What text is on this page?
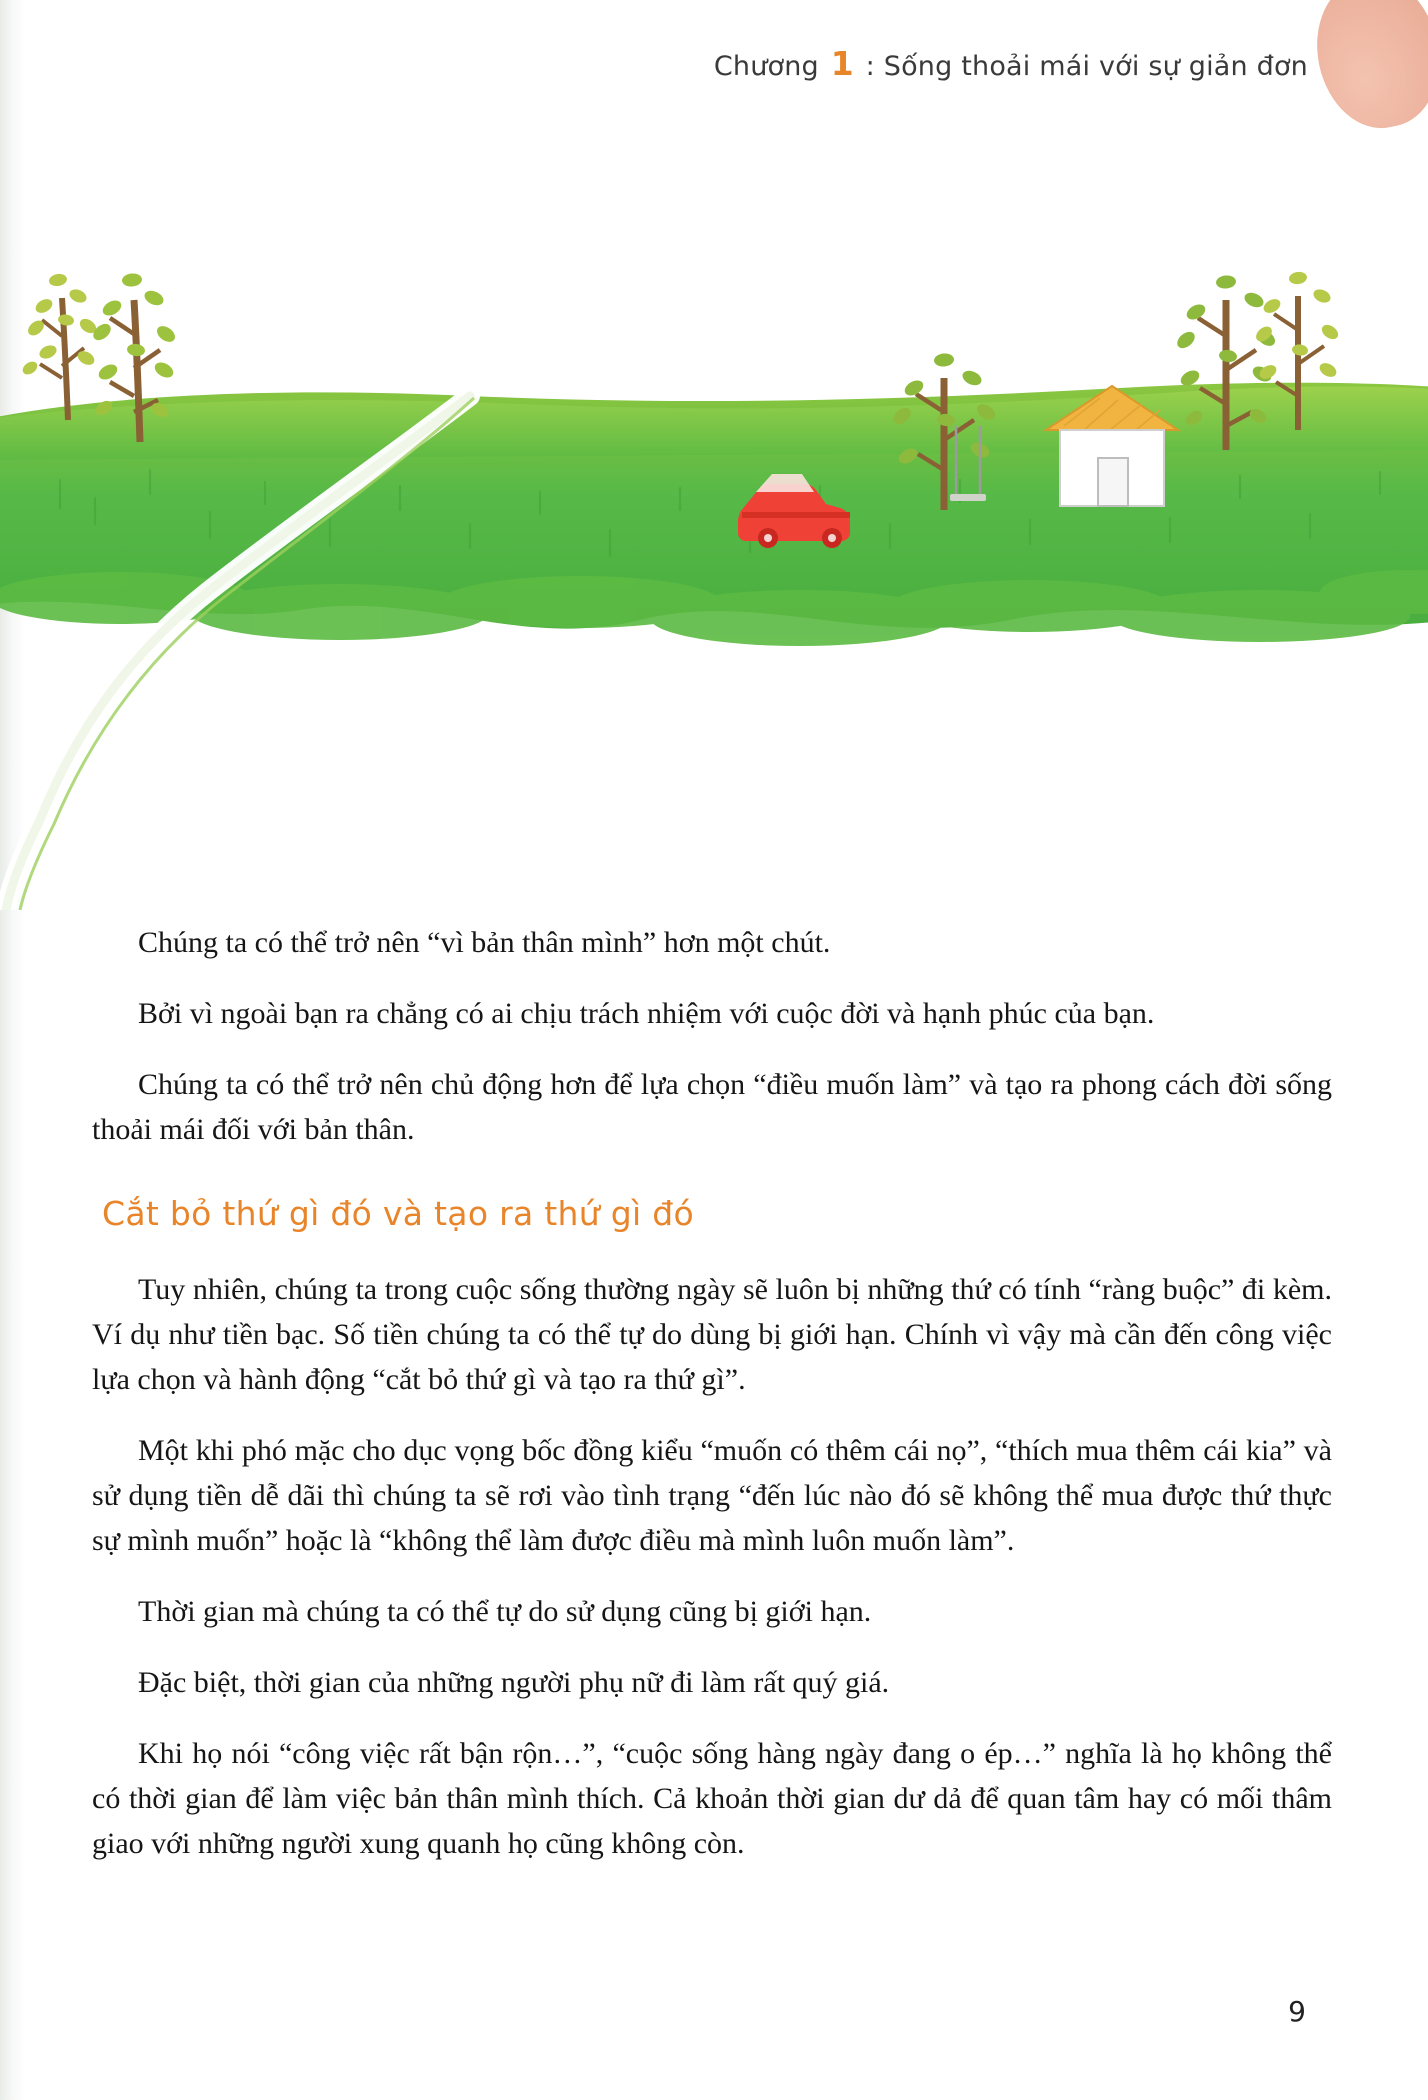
Chương 1 : Sống thoải mái với sự giản đơn

Chúng ta có thể trở nên “vì bản thân mình” hơn một chút.

Bởi vì ngoài bạn ra chẳng có ai chịu trách nhiệm với cuộc đời và hạnh phúc của bạn.

Chúng ta có thể trở nên chủ động hơn để lựa chọn “điều muốn làm” và tạo ra phong cách đời sống thoải mái đối với bản thân.

Cắt bỏ thứ gì đó và tạo ra thứ gì đó

Tuy nhiên, chúng ta trong cuộc sống thường ngày sẽ luôn bị những thứ có tính “ràng buộc” đi kèm. Ví dụ như tiền bạc. Số tiền chúng ta có thể tự do dùng bị giới hạn. Chính vì vậy mà cần đến công việc lựa chọn và hành động “cắt bỏ thứ gì và tạo ra thứ gì”.

Một khi phó mặc cho dục vọng bốc đồng kiểu “muốn có thêm cái nọ”, “thích mua thêm cái kia” và sử dụng tiền dễ dãi thì chúng ta sẽ rơi vào tình trạng “đến lúc nào đó sẽ không thể mua được thứ thực sự mình muốn” hoặc là “không thể làm được điều mà mình luôn muốn làm”.

Thời gian mà chúng ta có thể tự do sử dụng cũng bị giới hạn.

Đặc biệt, thời gian của những người phụ nữ đi làm rất quý giá.

Khi họ nói “công việc rất bận rộn…”, “cuộc sống hàng ngày đang o ép…” nghĩa là họ không thể có thời gian để làm việc bản thân mình thích. Cả khoản thời gian dư dả để quan tâm hay có mối thâm giao với những người xung quanh họ cũng không còn.

9
